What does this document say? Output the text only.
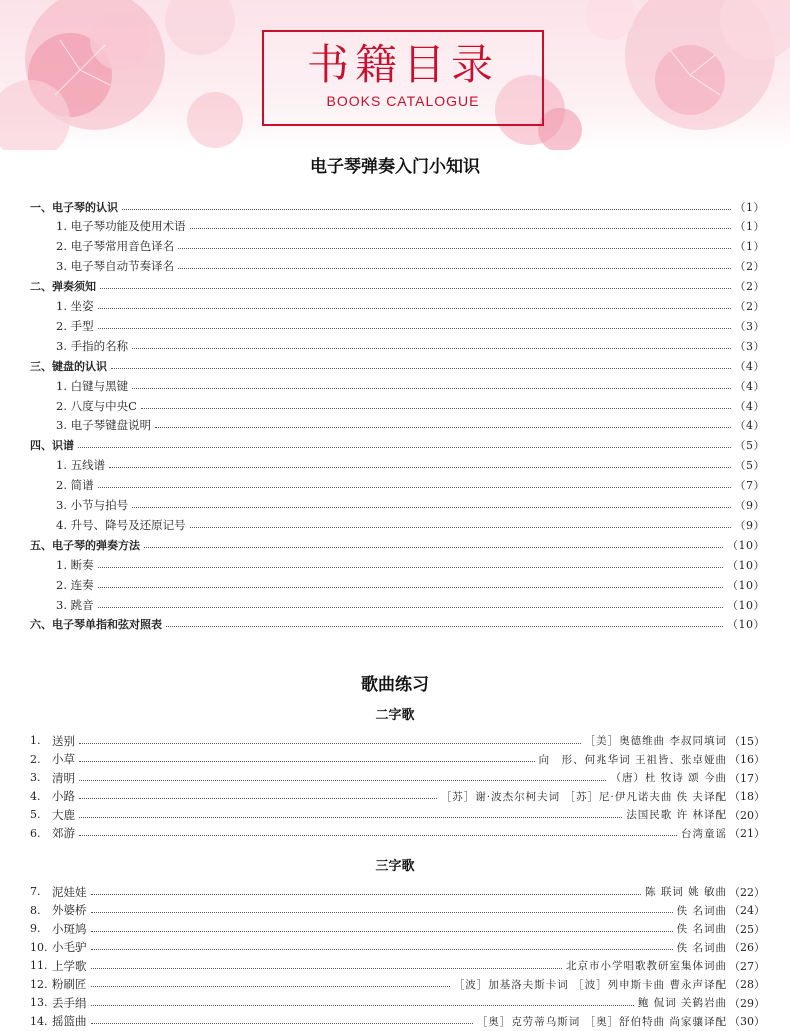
书籍目录
BOOKS CATALOGUE
电子琴弹奏入门小知识
一、电子琴的认识	（1）
1. 电子琴功能及使用术语	（1）
2. 电子琴常用音色译名	（1）
3. 电子琴自动节奏译名	（2）
二、弹奏须知	（2）
1. 坐姿	（2）
2. 手型	（3）
3. 手指的名称	（3）
三、键盘的认识	（4）
1. 白键与黑键	（4）
2. 八度与中央C	（4）
3. 电子琴键盘说明	（4）
四、识谱	（5）
1. 五线谱	（5）
2. 简谱	（7）
3. 小节与拍号	（9）
4. 升号、降号及还原记号	（9）
五、电子琴的弹奏方法	（10）
1. 断奏	（10）
2. 连奏	（10）
3. 跳音	（10）
六、电子琴单指和弦对照表	（10）
歌曲练习
二字歌
1.	送别	［美］奥德维曲 李叔同填词 （15）
2.	小草	向　形、何兆华词 王祖皆、张卓娅曲 （16）
3.	清明	（唐）杜 牧诗 颂 今曲 （17）
4.	小路	［苏］谢·波杰尔柯夫词 ［苏］尼·伊凡诺夫曲 佚 夫译配 （18）
5.	大鹿	法国民歌 许 林译配 （20）
6.	郊游	台湾童谣 （21）
三字歌
7.	泥娃娃	陈 联词 姚 敏曲 （22）
8.	外婆桥	佚 名词曲 （24）
9.	小斑鸠	佚 名词曲 （25）
10. 小毛驴	佚 名词曲 （26）
11. 上学歌	北京市小学唱歌教研室集体词曲 （27）
12. 粉刷匠	［波］加基洛夫斯卡词 ［波］列申斯卡曲 曹永声译配 （28）
13. 丢手绢	鲍 侃词 关鹤岩曲 （29）
14. 摇篮曲	［奥］克劳蒂乌斯词 ［奥］舒伯特曲 尚家骧译配 （30）
